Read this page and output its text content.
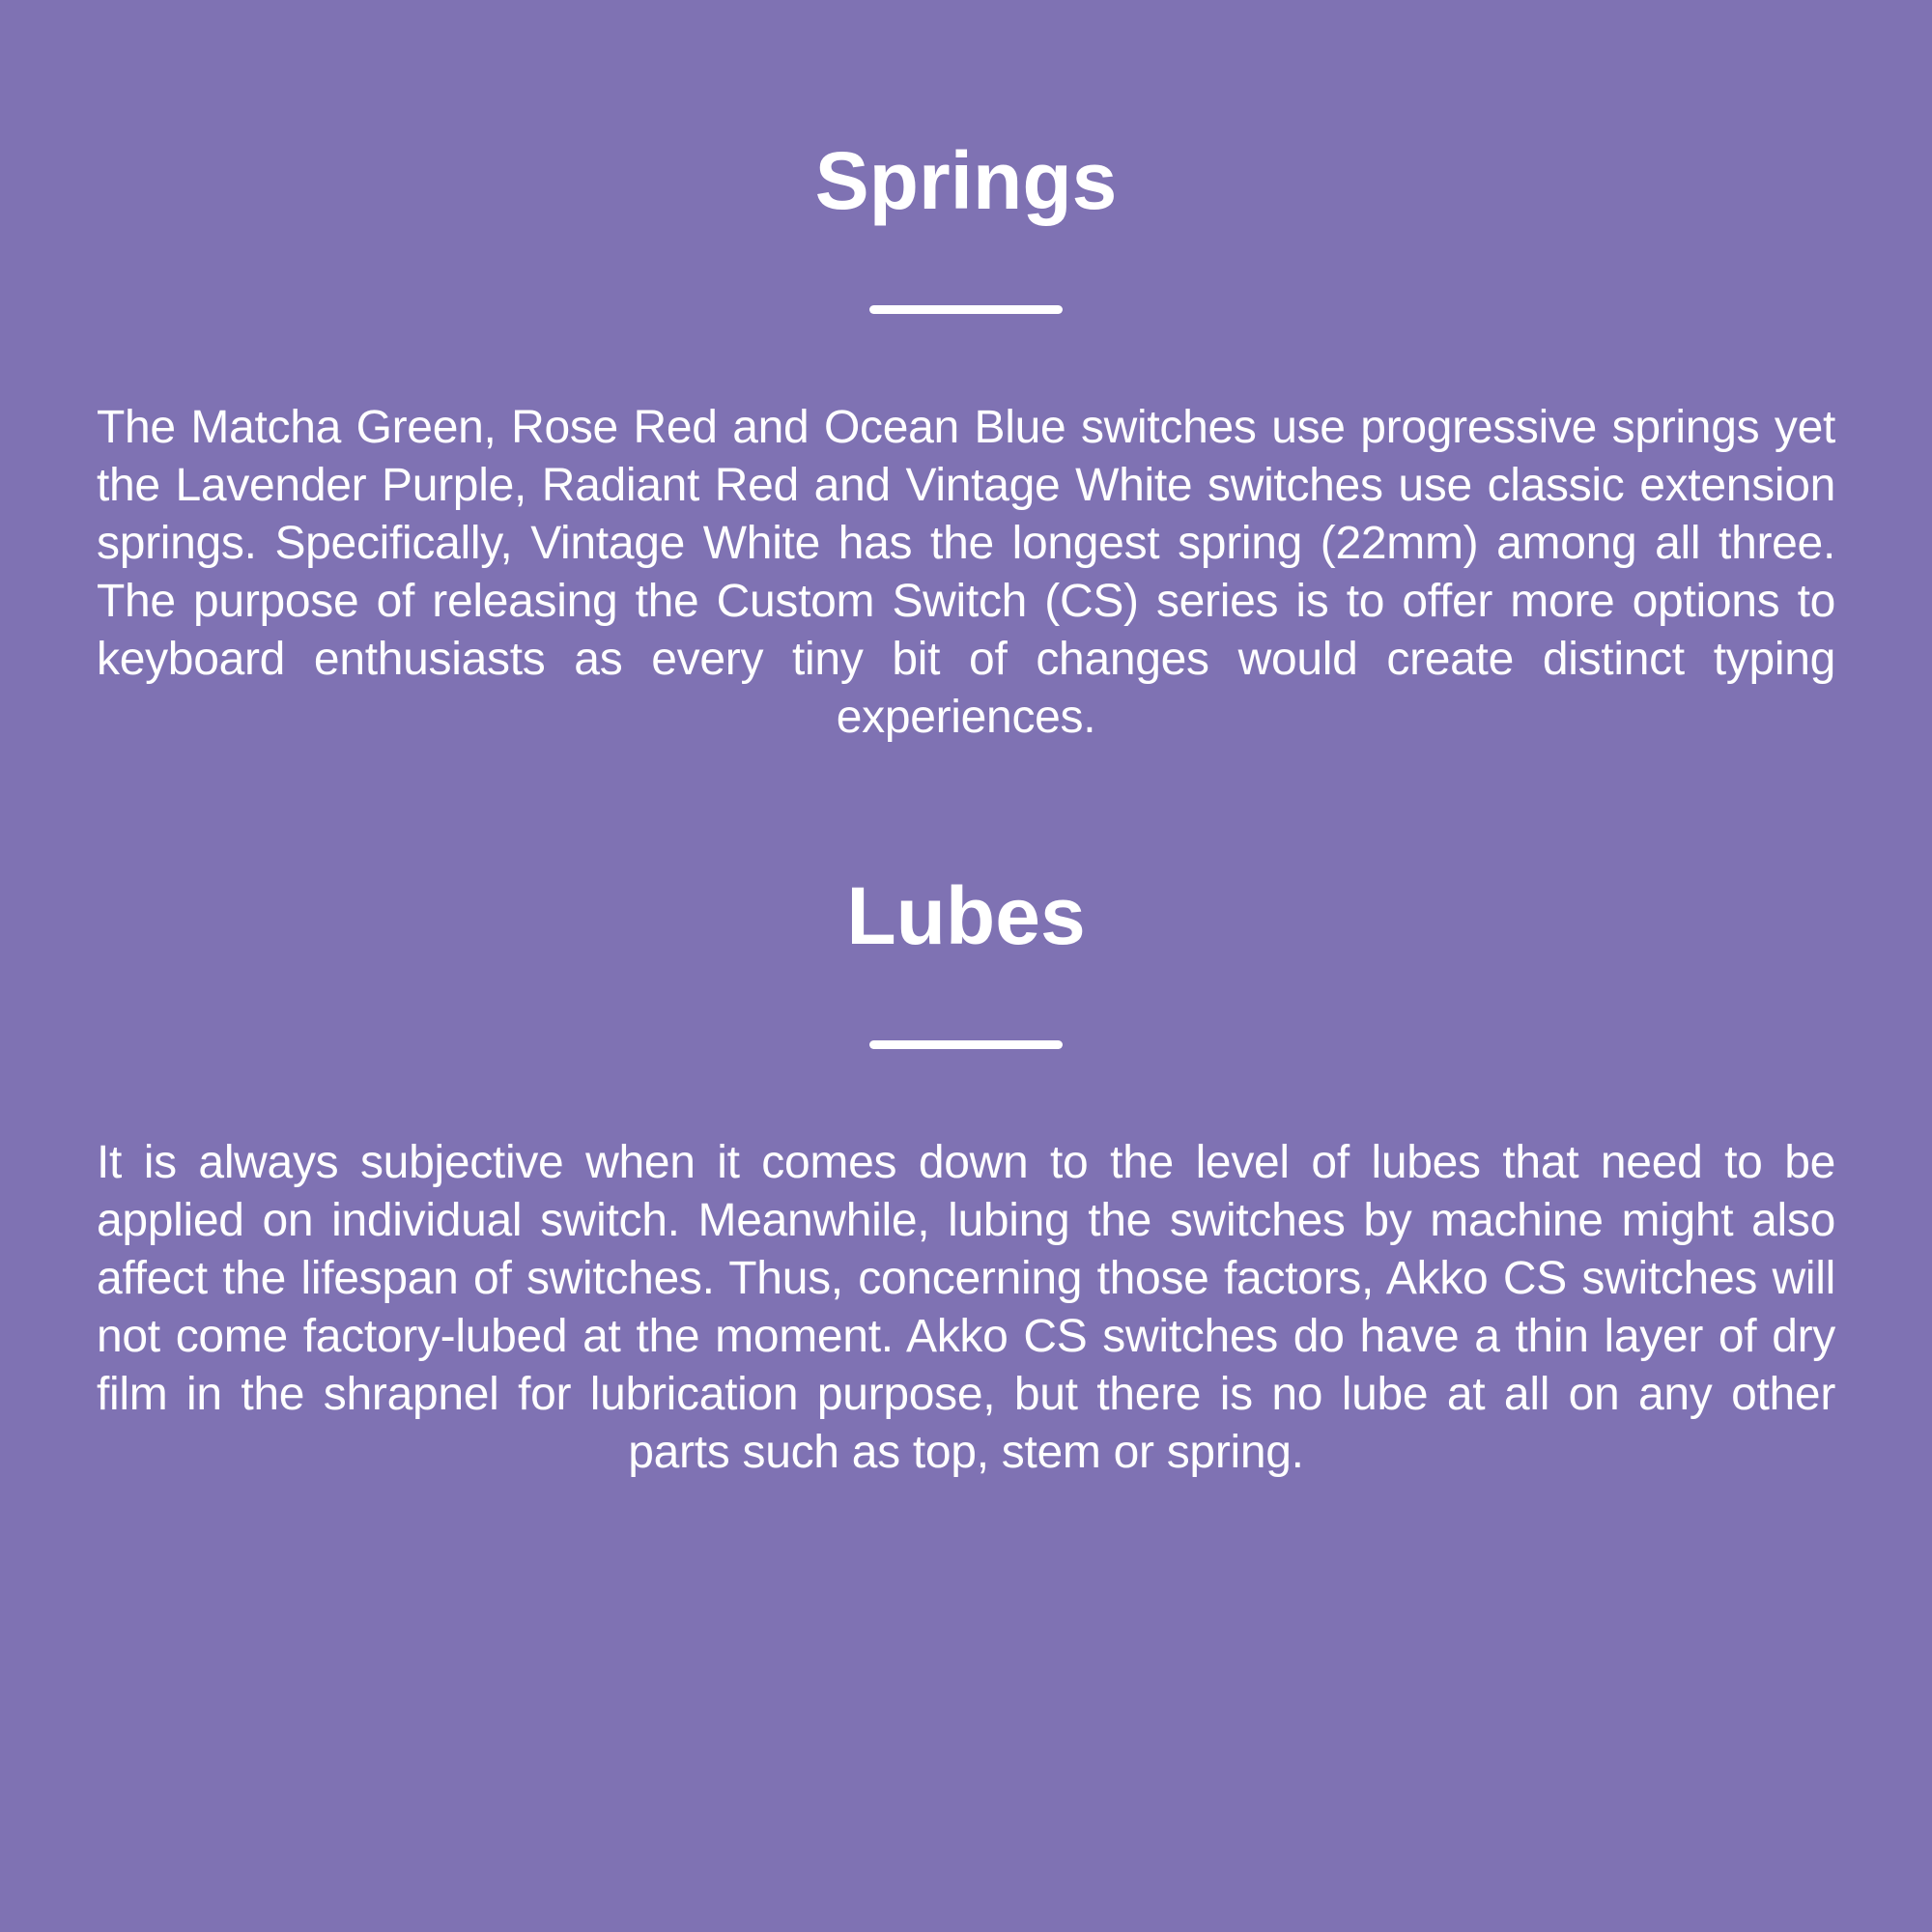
Springs

The Matcha Green, Rose Red and Ocean Blue switches use progressive springs yet the Lavender Purple, Radiant Red and Vintage White switches use classic extension springs. Specifically, Vintage White has the longest spring (22mm) among all three. The purpose of releasing the Custom Switch (CS) series is to offer more options to keyboard enthusiasts as every tiny bit of changes would create distinct typing experiences.

Lubes

It is always subjective when it comes down to the level of lubes that need to be applied on individual switch. Meanwhile, lubing the switches by machine might also affect the lifespan of switches. Thus, concerning those factors, Akko CS switches will not come factory-lubed at the moment. Akko CS switches do have a thin layer of dry film in the shrapnel for lubrication purpose, but there is no lube at all on any other parts such as top, stem or spring.
